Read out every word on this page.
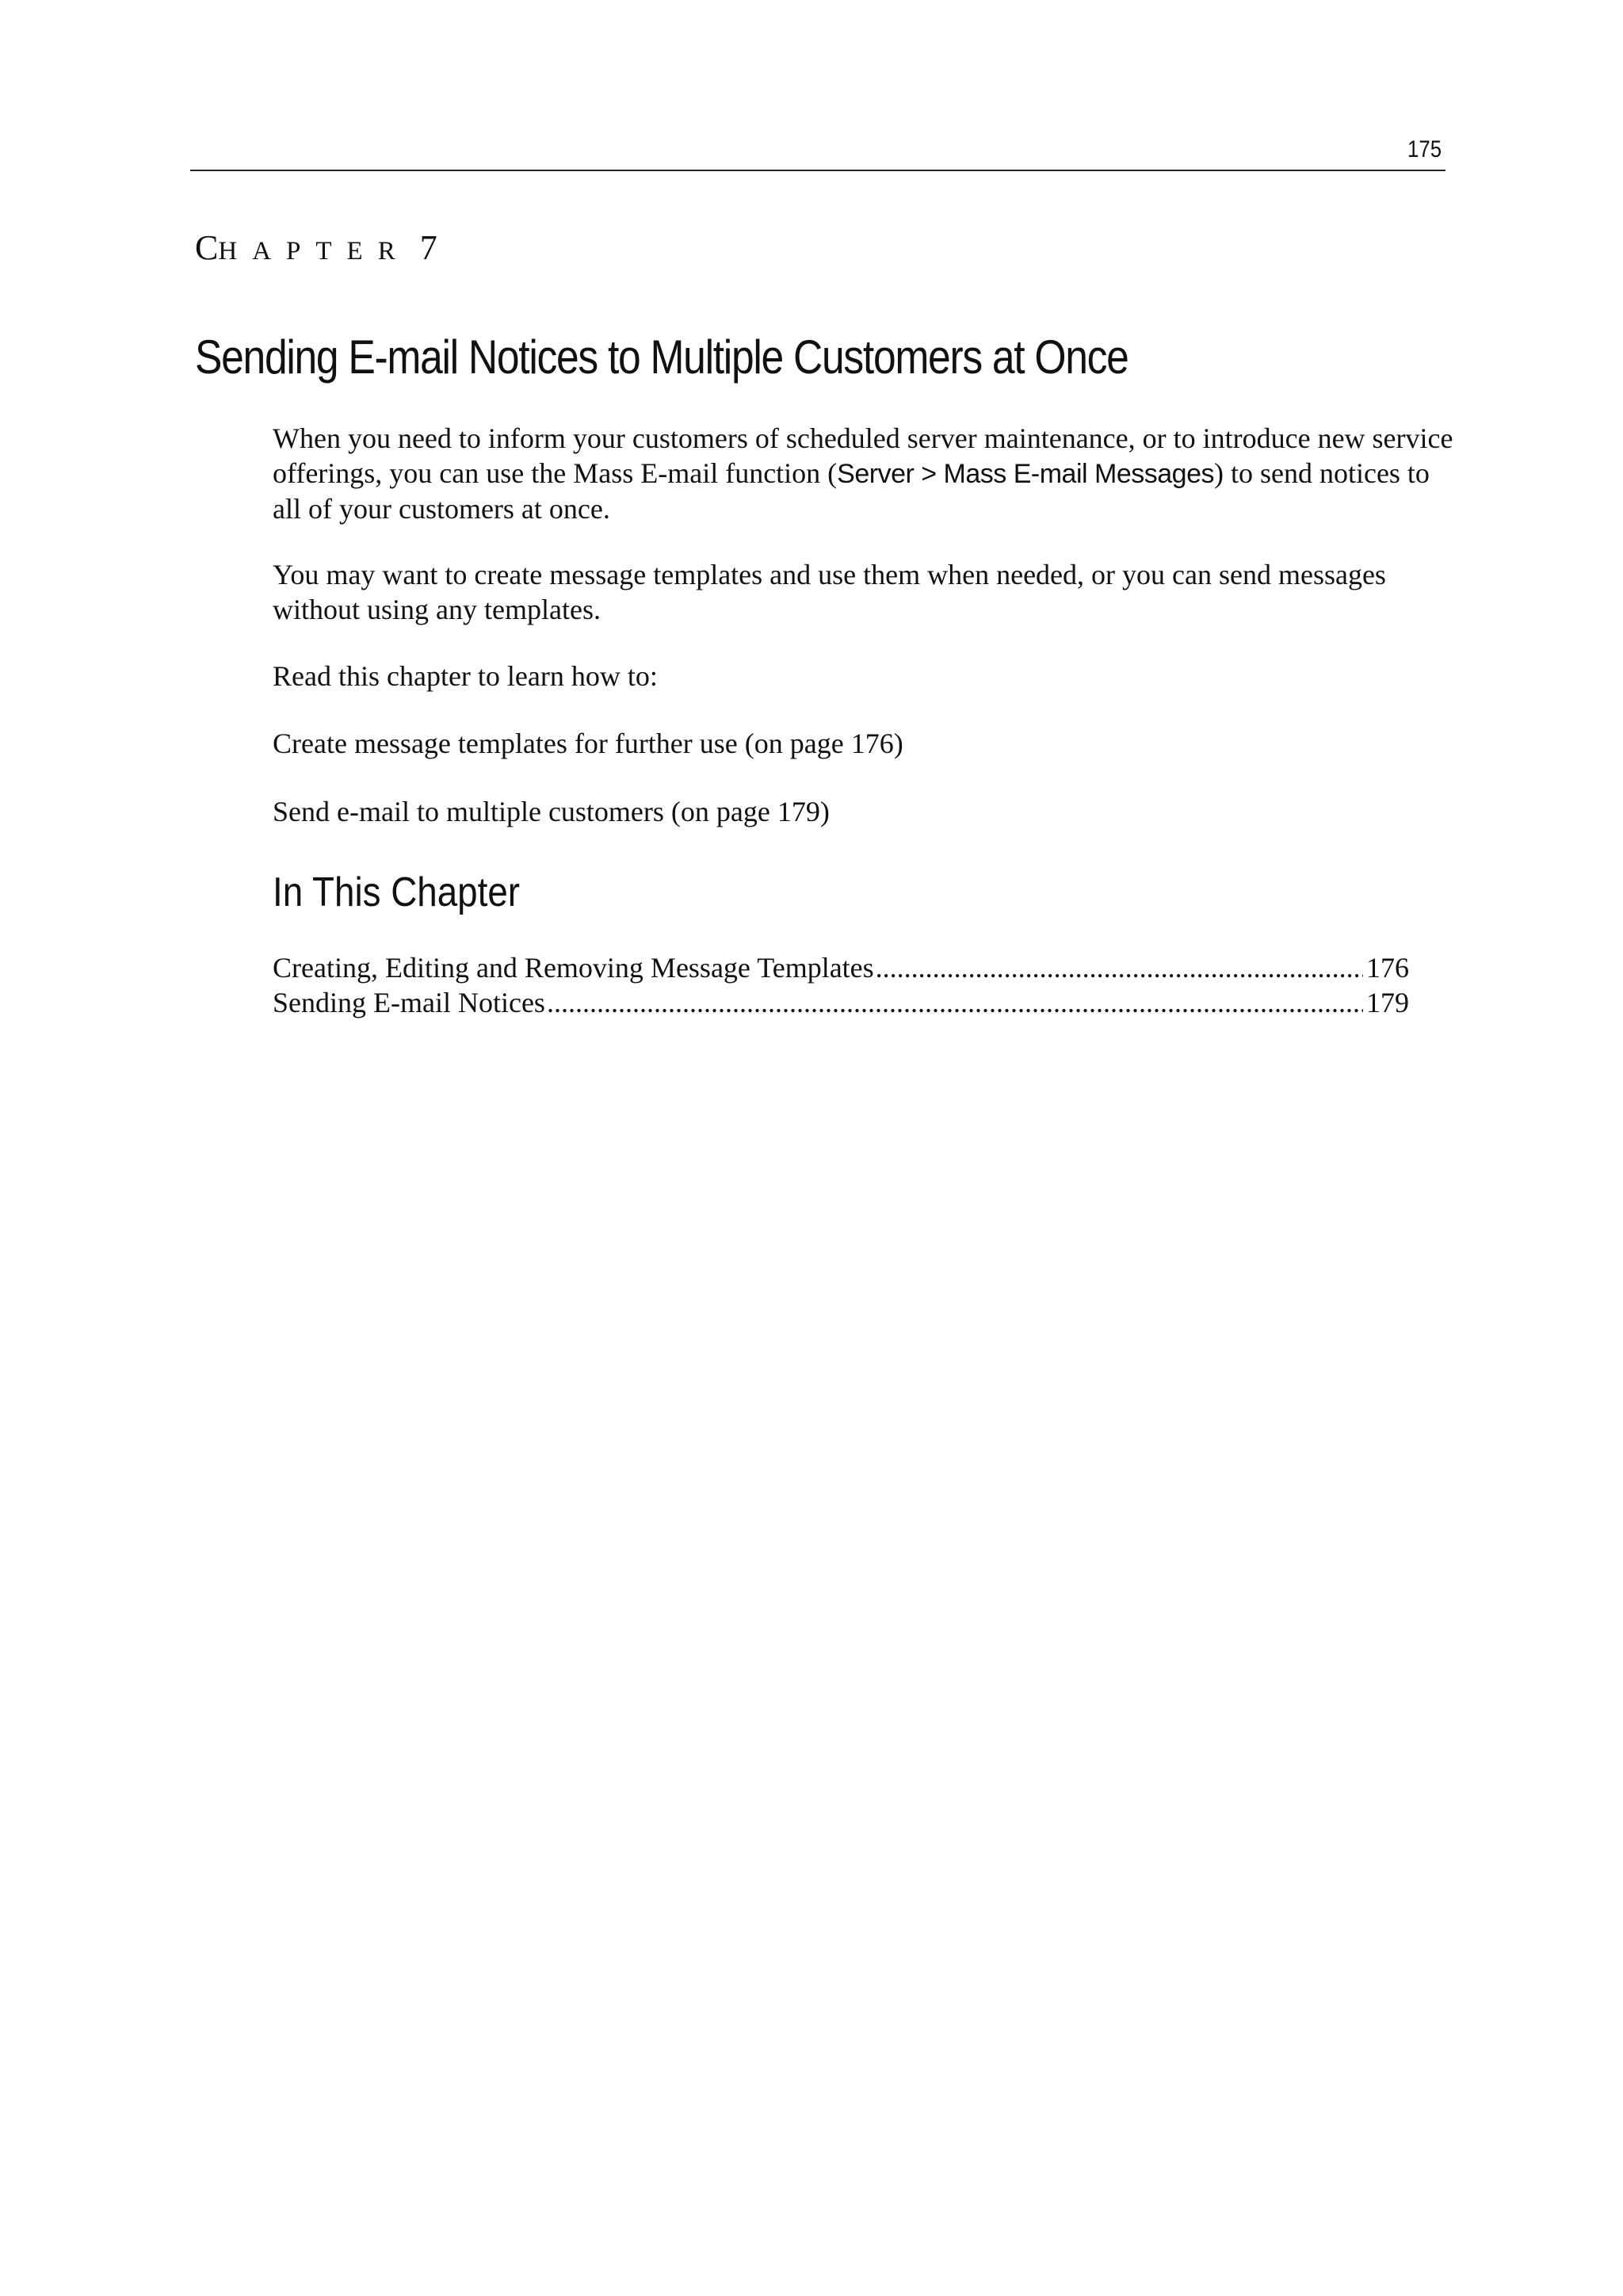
175
CHAPTER 7
Sending E-mail Notices to Multiple Customers at Once
When you need to inform your customers of scheduled server maintenance, or to introduce new service offerings, you can use the Mass E-mail function (Server > Mass E-mail Messages) to send notices to all of your customers at once.
You may want to create message templates and use them when needed, or you can send messages without using any templates.
Read this chapter to learn how to:
Create message templates for further use (on page 176)
Send e-mail to multiple customers (on page 179)
In This Chapter
Creating, Editing and Removing Message Templates .....	176
Sending E-mail Notices .....	179
